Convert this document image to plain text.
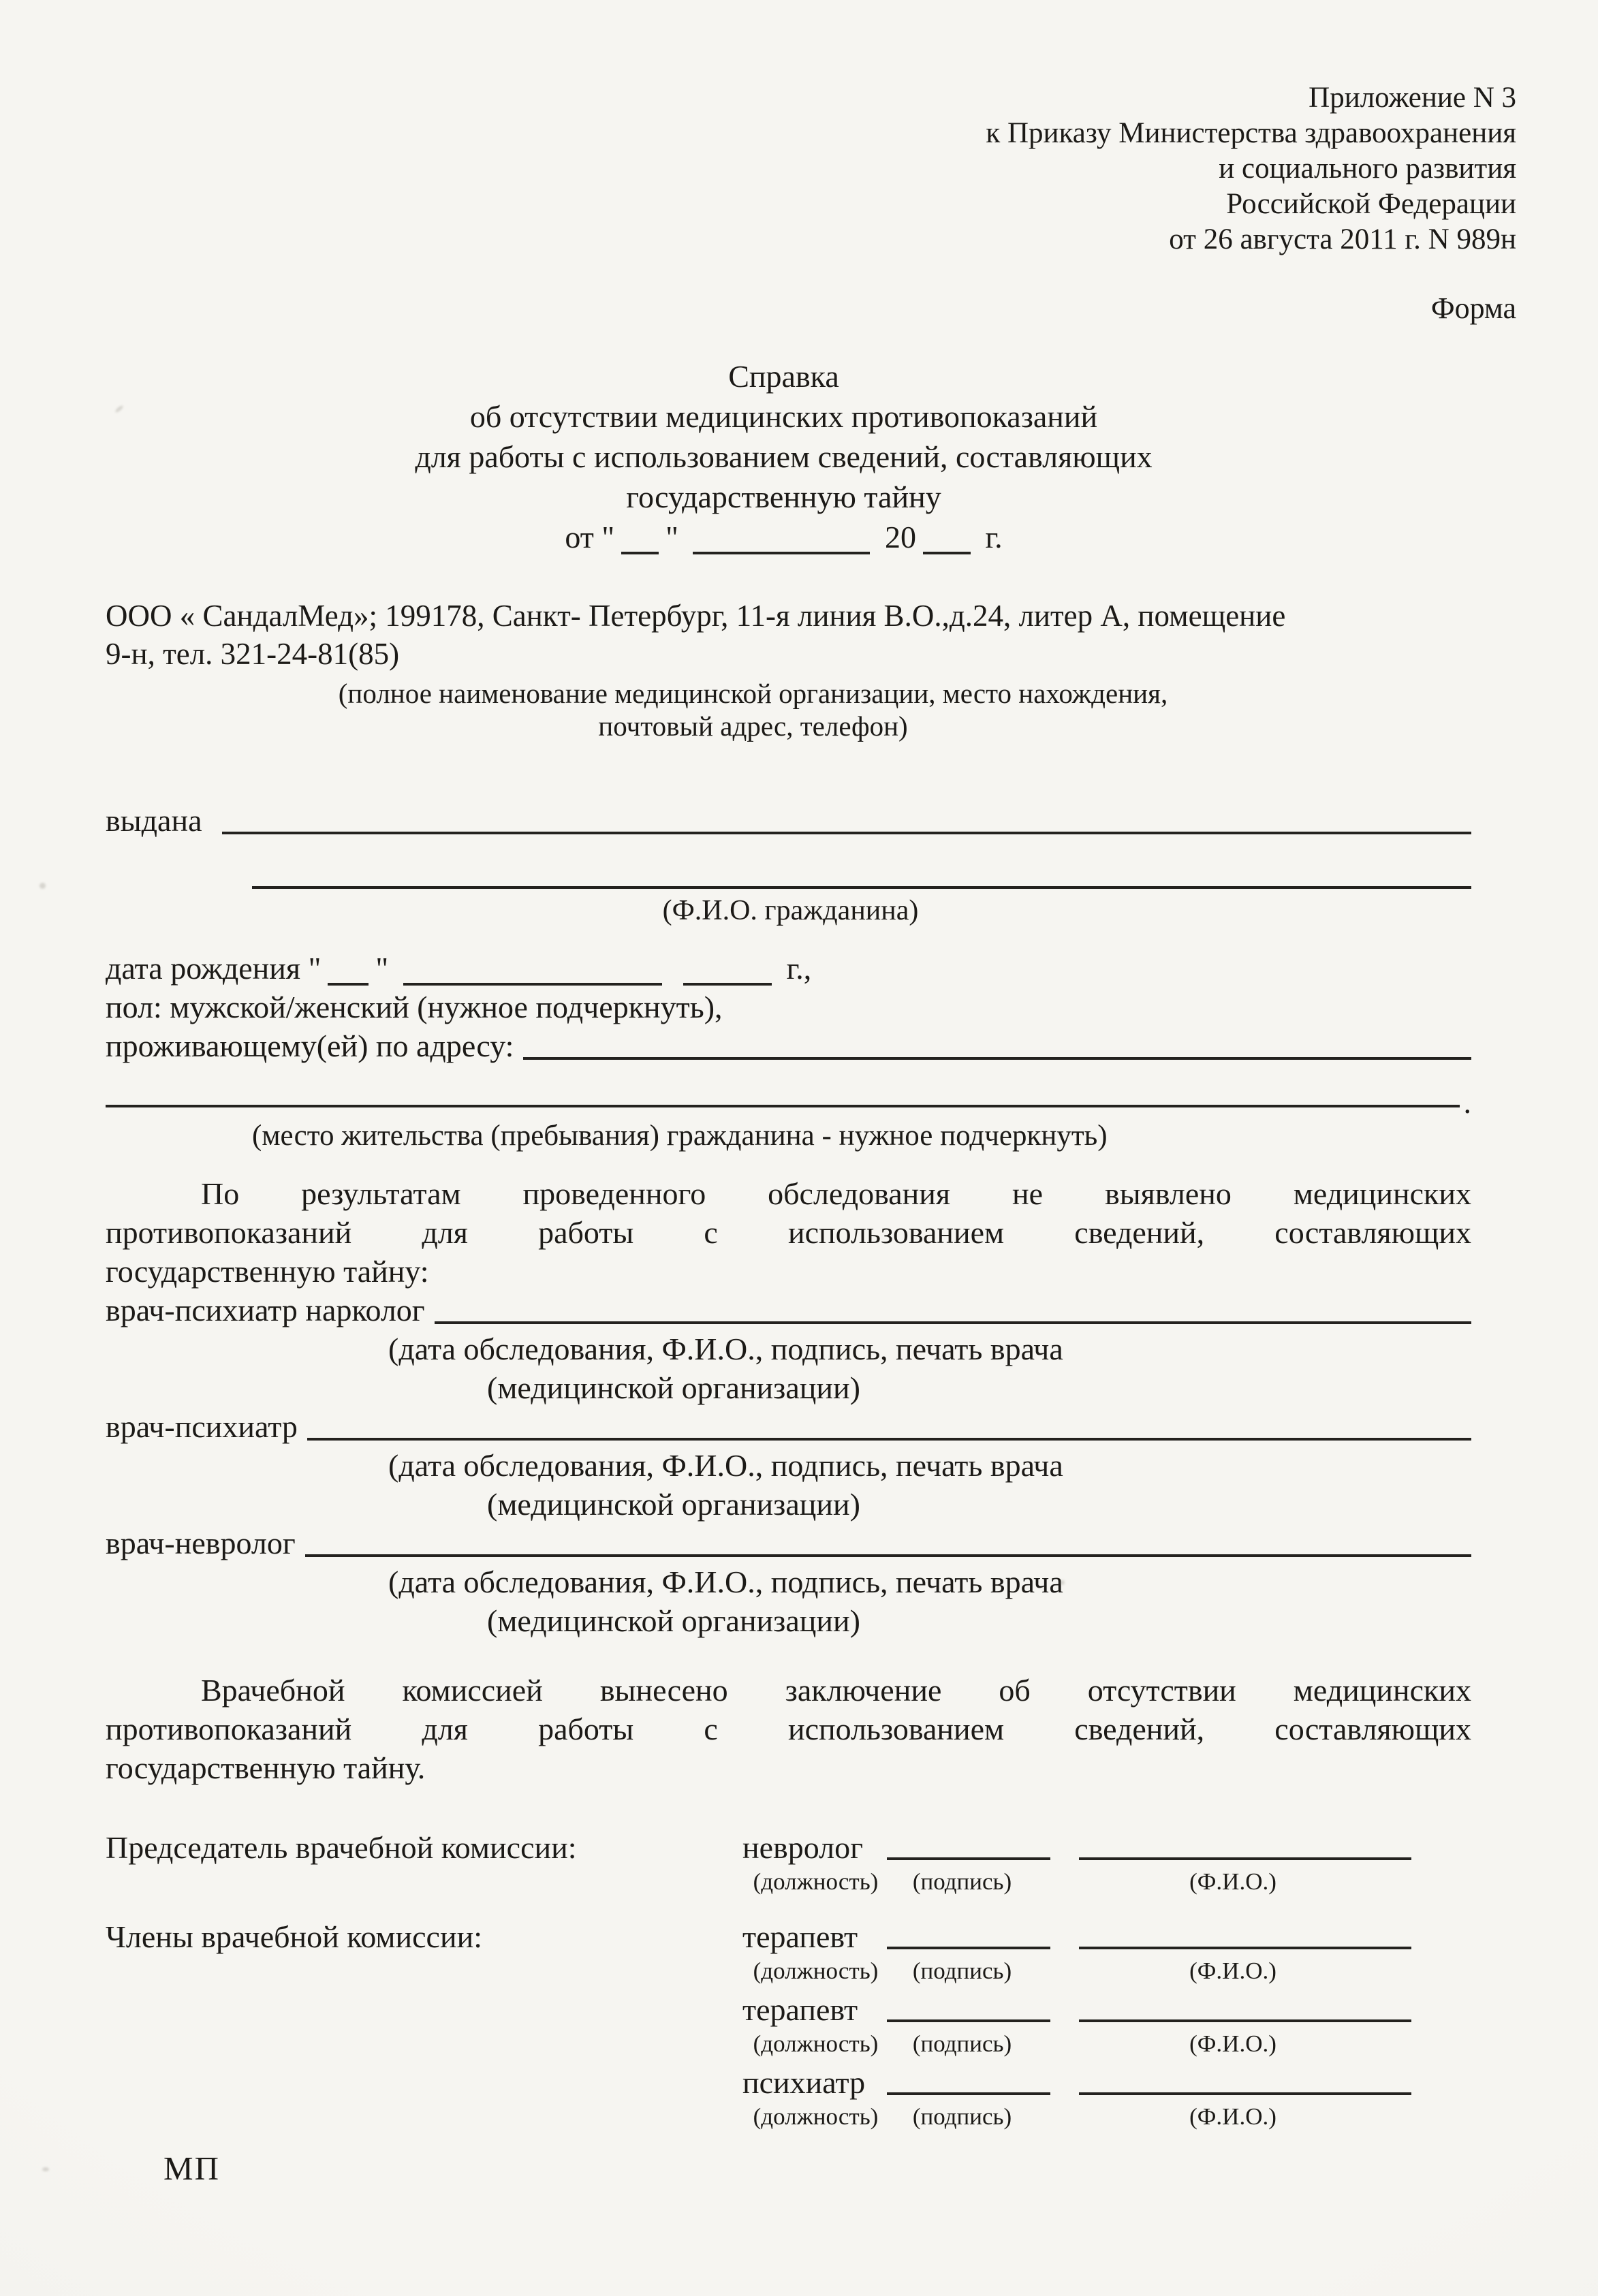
Приложение N 3
к Приказу Министерства здравоохранения
и социального развития
Российской Федерации
от 26 августа 2011 г. N 989н
Форма
Справка
об отсутствии медицинских противопоказаний
для работы с использованием сведений, составляющих
государственную тайну
от " "	20 г.
ООО « СандалМед»; 199178, Санкт- Петербург, 11-я линия В.О.,д.24, литер А, помещение
9-н, тел. 321-24-81(85)
(полное наименование медицинской организации, место нахождения,
почтовый адрес, телефон)
выдана
(Ф.И.О. гражданина)
дата рождения " "	г.,
пол: мужской/женский (нужное подчеркнуть),
проживающему(ей) по адресу:
.
(место жительства (пребывания) гражданина - нужное подчеркнуть)
По результатам проведенного обследования не выявлено медицинских
противопоказаний для работы с использованием сведений, составляющих
государственную тайну:
врач-психиатр нарколог
(дата обследования, Ф.И.О., подпись, печать врача
(медицинской организации)
врач-психиатр
(дата обследования, Ф.И.О., подпись, печать врача
(медицинской организации)
врач-невролог
(дата обследования, Ф.И.О., подпись, печать врача
(медицинской организации)
Врачебной комиссией вынесено заключение об отсутствии медицинских
противопоказаний для работы с использованием сведений, составляющих
государственную тайну.
Председатель врачебной комиссии:	невролог
(должность)	(подпись)	(Ф.И.О.)
Члены врачебной комиссии:	терапевт
(должность)	(подпись)	(Ф.И.О.)
терапевт
(должность)	(подпись)	(Ф.И.О.)
психиатр
(должность)	(подпись)	(Ф.И.О.)
МП
